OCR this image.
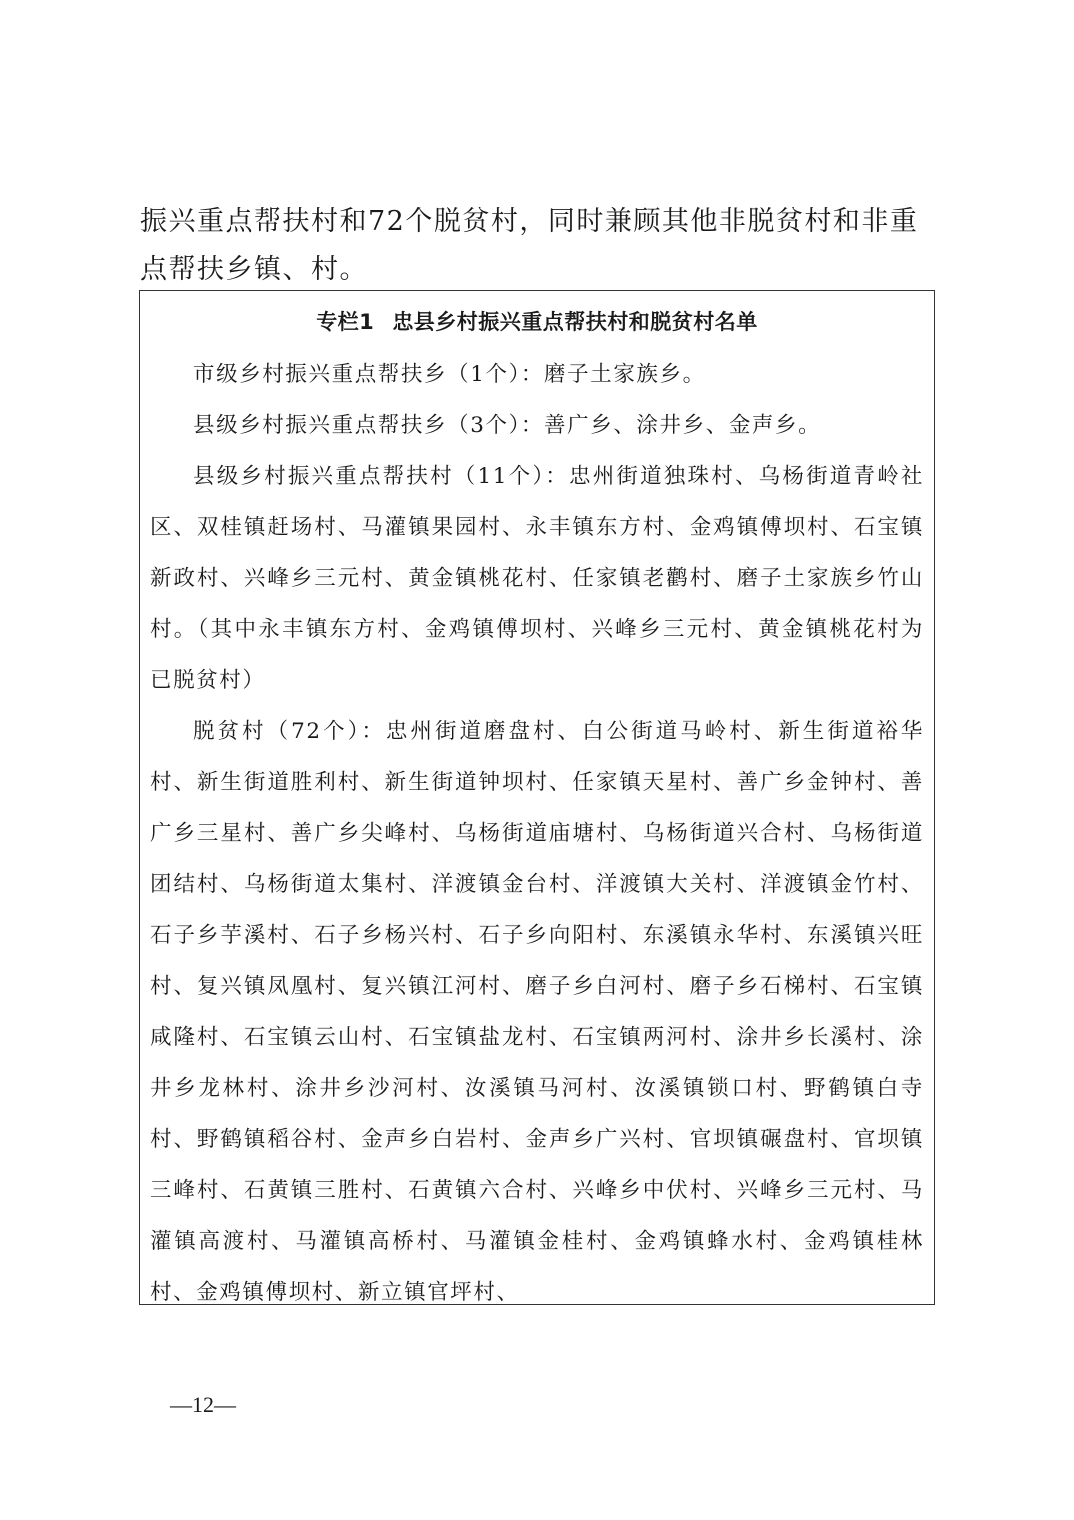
振兴重点帮扶村和72个脱贫村，同时兼顾其他非脱贫村和非重点帮扶乡镇、村。

专栏1 忠县乡村振兴重点帮扶村和脱贫村名单

市级乡村振兴重点帮扶乡（1个）：磨子土家族乡。

县级乡村振兴重点帮扶乡（3个）：善广乡、涂井乡、金声乡。

县级乡村振兴重点帮扶村（11个）：忠州街道独珠村、乌杨街道青岭社区、双桂镇赶场村、马灌镇果园村、永丰镇东方村、金鸡镇傅坝村、石宝镇新政村、兴峰乡三元村、黄金镇桃花村、任家镇老鹳村、磨子土家族乡竹山村。（其中永丰镇东方村、金鸡镇傅坝村、兴峰乡三元村、黄金镇桃花村为已脱贫村）

脱贫村（72个）：忠州街道磨盘村、白公街道马岭村、新生街道裕华村、新生街道胜利村、新生街道钟坝村、任家镇天星村、善广乡金钟村、善广乡三星村、善广乡尖峰村、乌杨街道庙塘村、乌杨街道兴合村、乌杨街道团结村、乌杨街道太集村、洋渡镇金台村、洋渡镇大关村、洋渡镇金竹村、石子乡芋溪村、石子乡杨兴村、石子乡向阳村、东溪镇永华村、东溪镇兴旺村、复兴镇凤凰村、复兴镇江河村、磨子乡白河村、磨子乡石梯村、石宝镇咸隆村、石宝镇云山村、石宝镇盐龙村、石宝镇两河村、涂井乡长溪村、涂井乡龙林村、涂井乡沙河村、汝溪镇马河村、汝溪镇锁口村、野鹤镇白寺村、野鹤镇稻谷村、金声乡白岩村、金声乡广兴村、官坝镇碾盘村、官坝镇三峰村、石黄镇三胜村、石黄镇六合村、兴峰乡中伏村、兴峰乡三元村、马灌镇高渡村、马灌镇高桥村、马灌镇金桂村、金鸡镇蜂水村、金鸡镇桂林村、金鸡镇傅坝村、新立镇官坪村、

—12—
